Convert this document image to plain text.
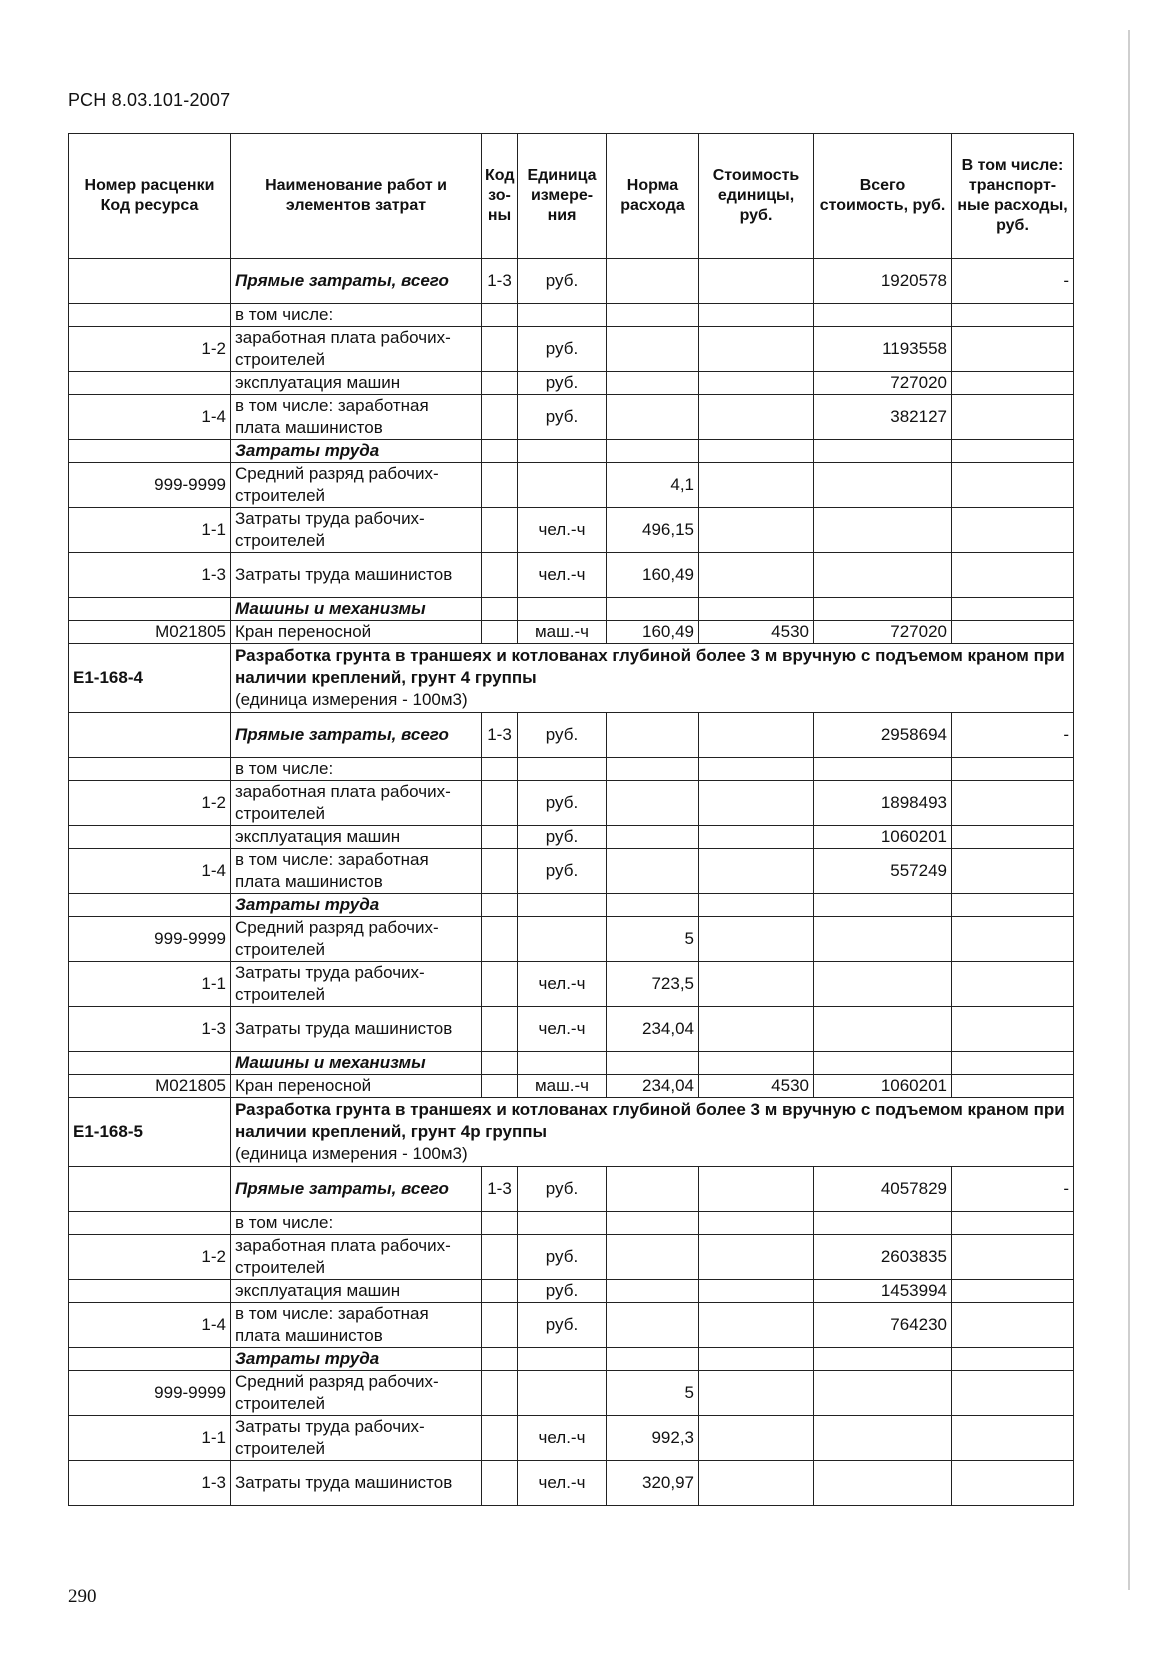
РСН 8.03.101-2007
Номер расценки Код ресурса	Наименование работ и элементов затрат	Код зо-ны	Единица измере-ния	Норма расхода	Стоимость единицы, руб.	Всего стоимость, руб.	В том числе: транспорт-ные расходы, руб.
	Прямые затраты, всего	1-3	руб.			1920578	-
	в том числе:						
1-2	заработная плата рабочих-строителей		руб.			1193558	
	эксплуатация машин		руб.			727020	
1-4	в том числе: заработная плата машинистов		руб.			382127	
	Затраты труда						
999-9999	Средний разряд рабочих-строителей			4,1			
1-1	Затраты труда рабочих-строителей		чел.-ч	496,15			
1-3	Затраты труда машинистов		чел.-ч	160,49			
	Машины и механизмы						
М021805	Кран переносной		маш.-ч	160,49	4530	727020	
Е1-168-4	Разработка грунта в траншеях и котлованах глубиной более 3 м вручную с подъемом краном при наличии креплений, грунт 4 группы
(единица измерения - 100м3)						

	Прямые затраты, всего	1-3	руб.			2958694	-
	в том числе:						
1-2	заработная плата рабочих-строителей		руб.			1898493	
	эксплуатация машин		руб.			1060201	
1-4	в том числе: заработная плата машинистов		руб.			557249	
	Затраты труда						
999-9999	Средний разряд рабочих-строителей			5			
1-1	Затраты труда рабочих-строителей		чел.-ч	723,5			
1-3	Затраты труда машинистов		чел.-ч	234,04			
	Машины и механизмы						
М021805	Кран переносной		маш.-ч	234,04	4530	1060201	
Е1-168-5	Разработка грунта в траншеях и котлованах глубиной более 3 м вручную с подъемом краном при наличии креплений, грунт 4р группы
(единица измерения - 100м3)						

	Прямые затраты, всего	1-3	руб.			4057829	-
	в том числе:						
1-2	заработная плата рабочих-строителей		руб.			2603835	
	эксплуатация машин		руб.			1453994	
1-4	в том числе: заработная плата машинистов		руб.			764230	
	Затраты труда						
999-9999	Средний разряд рабочих-строителей			5			
1-1	Затраты труда рабочих-строителей		чел.-ч	992,3			
1-3	Затраты труда машинистов		чел.-ч	320,97			
290
